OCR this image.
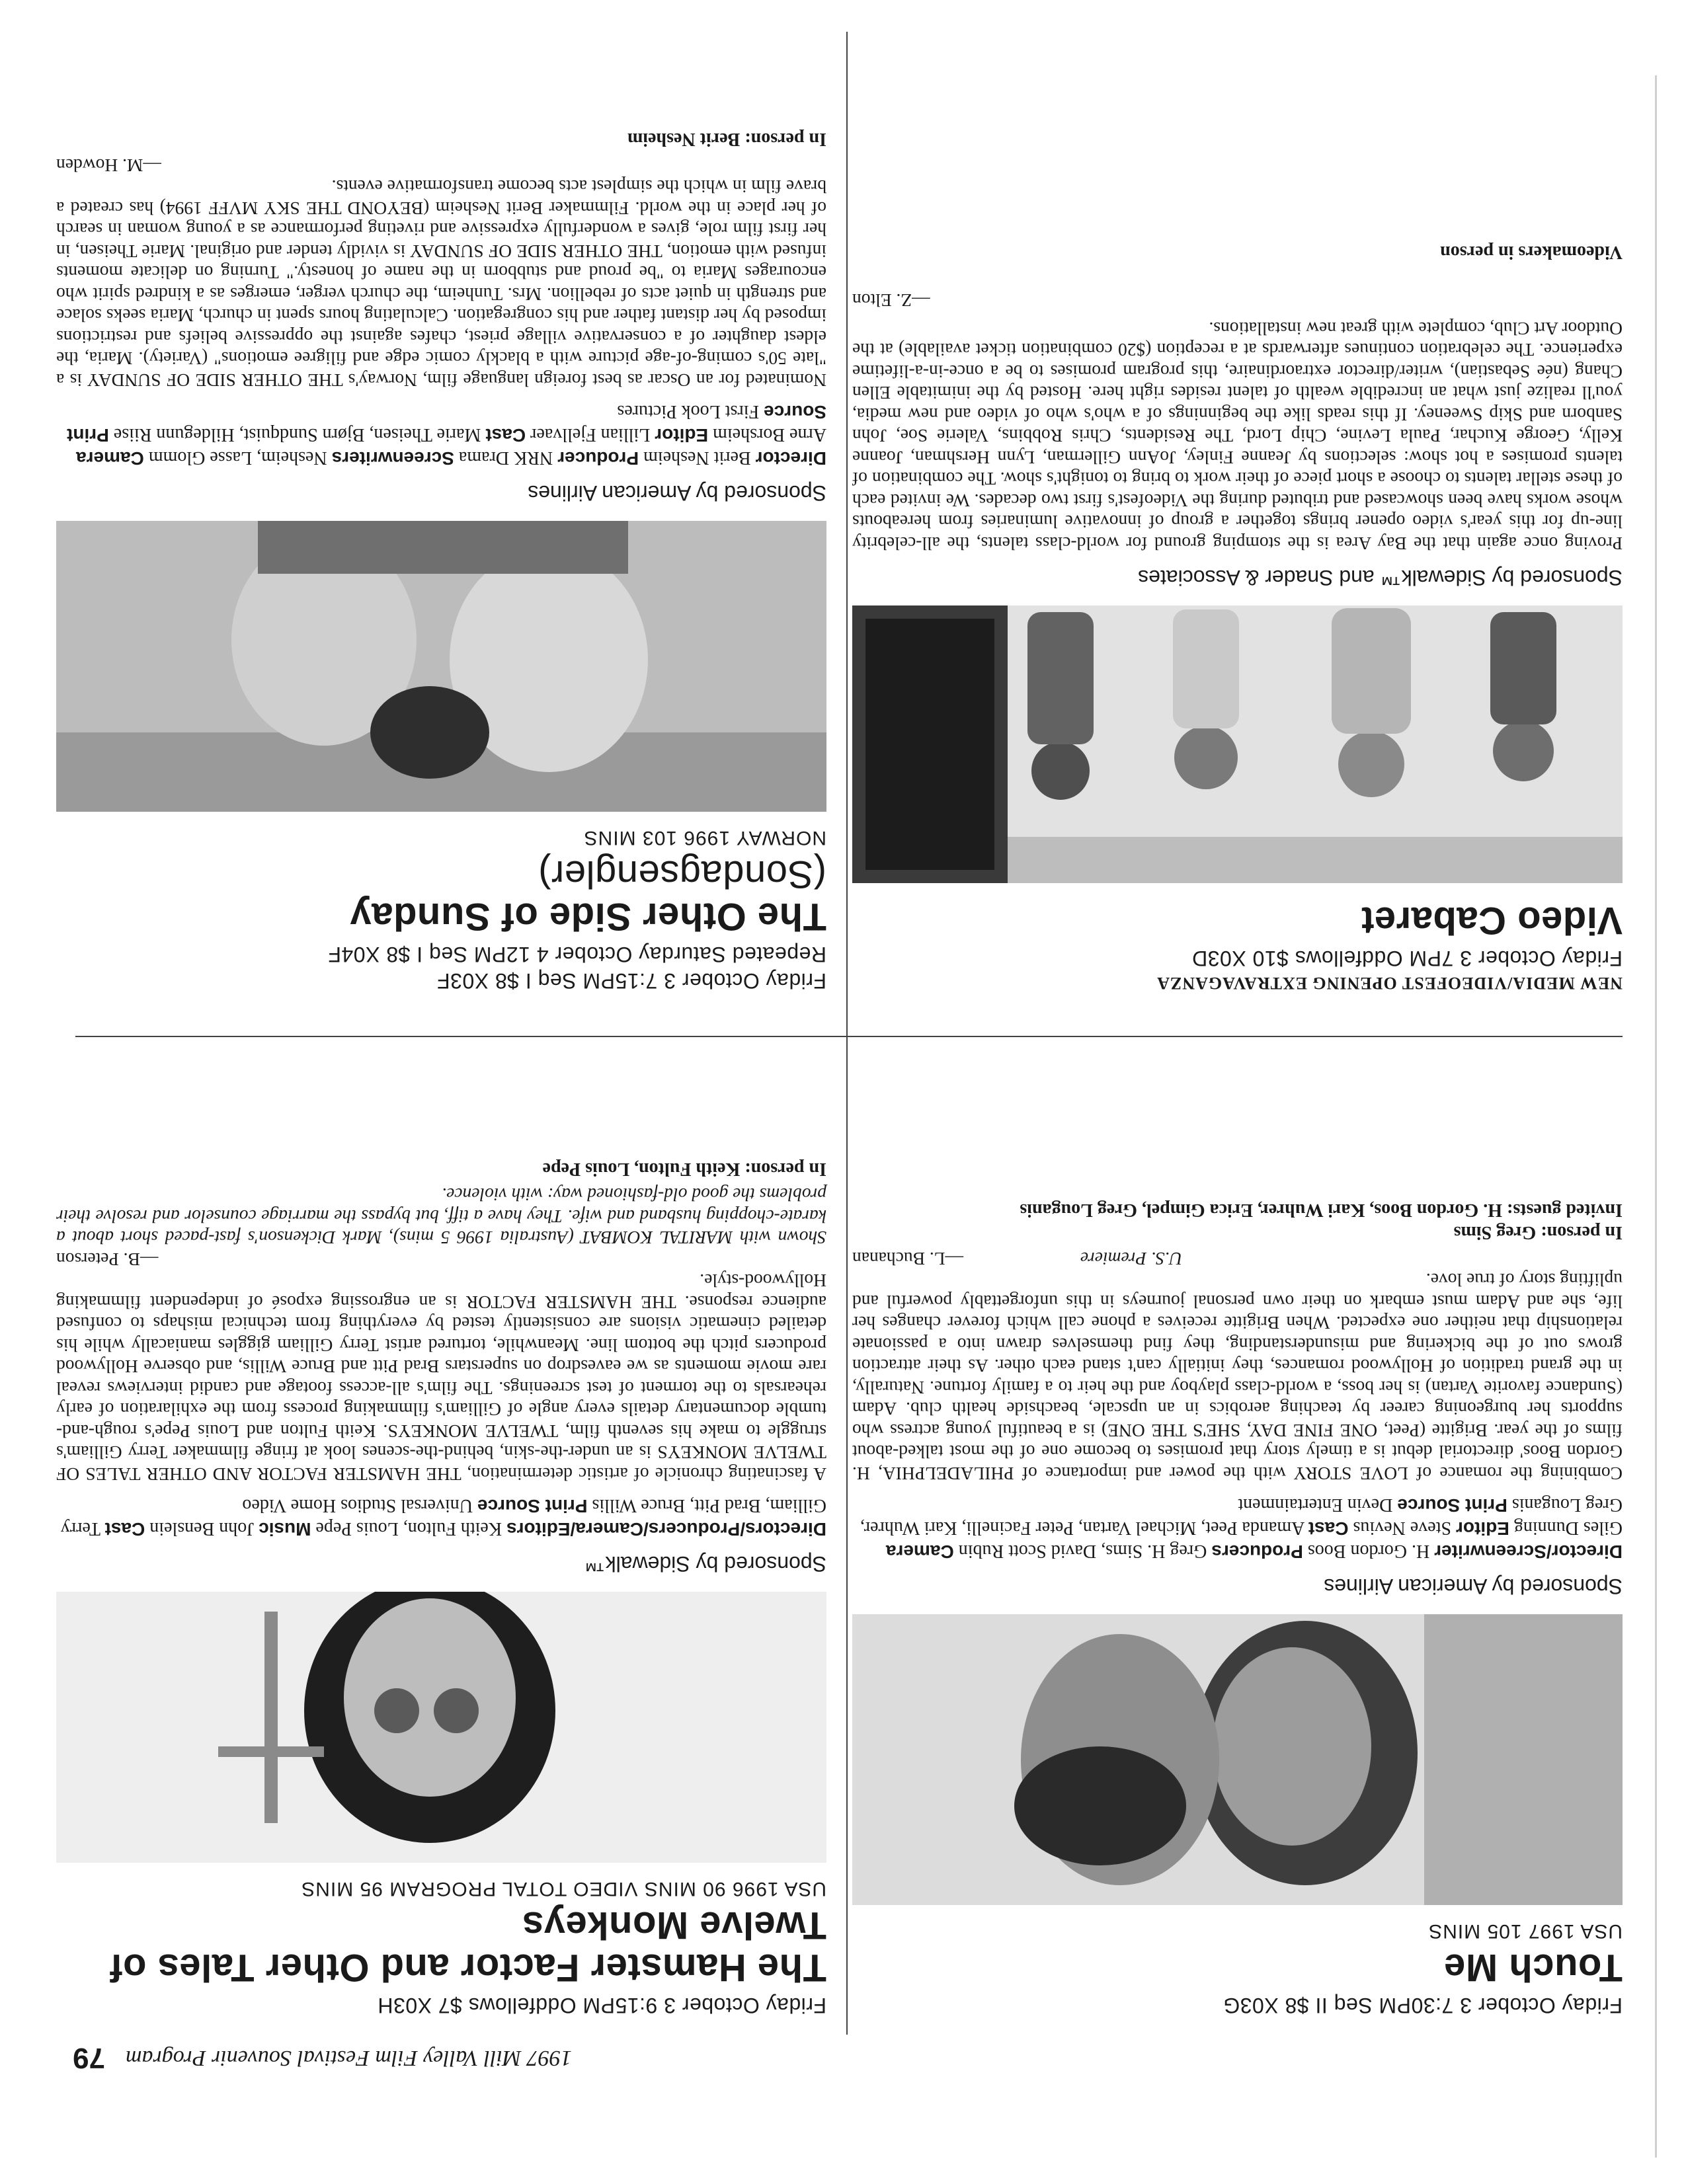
1997 Mill Valley Film Festival Souvenir Program
79
NEW MEDIA/VIDEOFEST OPENING EXTRAVAGANZA
Friday October 3 7PM Oddfellows $10 X03D
Video Cabaret
Sponsored by Sidewalk™ and Snader & Associates
Proving once again that the Bay Area is the stomping ground for world-class talents, the all-celebrity line-up for this year's video opener brings together a group of innovative luminaries from hereabouts whose works have been showcased and tributed during the Videofest's first two decades. We invited each of these stellar talents to choose a short piece of their work to bring to tonight's show. The combination of talents promises a hot show: selections by Jeanne Finley, JoAnn Gillerman, Lynn Hershman, Joanne Kelly, George Kuchar, Paula Levine, Chip Lord, The Residents, Chris Robbins, Valerie Soe, John Sanborn and Skip Sweeney. If this reads like the beginnings of a who's who of video and new media, you'll realize just what an incredible wealth of talent resides right here. Hosted by the inimitable Ellen Chang (née Sebastian), writer/director extraordinaire, this program promises to be a once-in-a-lifetime experience. The celebration continues afterwards at a reception ($20 combination ticket available) at the Outdoor Art Club, complete with great new installations.
—Z. Elton
Videomakers in person
Friday October 3 7:15PM Seq I $8 X03F
Repeated Saturday October 4 12PM Seq I $8 X04F
The Other Side of Sunday (Sondagsengler)
NORWAY 1996 103 MINS
Sponsored by American Airlines
Director Berit Nesheim Producer NRK Drama Screenwriters Nesheim, Lasse Glomm Camera Arne Borsheim Editor Lillian Fjellvaer Cast Marie Theisen, Bjørn Sundquist, Hildegunn Riise Print Source First Look Pictures
Nominated for an Oscar as best foreign language film, Norway's THE OTHER SIDE OF SUNDAY is a "late 50's coming-of-age picture with a blackly comic edge and filigree emotions" (Variety). Maria, the eldest daughter of a conservative village priest, chafes against the oppressive beliefs and restrictions imposed by her distant father and his congregation. Calculating hours spent in church, Maria seeks solace and strength in quiet acts of rebellion. Mrs. Tunheim, the church verger, emerges as a kindred spirit who encourages Maria to "be proud and stubborn in the name of honesty." Turning on delicate moments infused with emotion, THE OTHER SIDE OF SUNDAY is vividly tender and original. Marie Theisen, in her first film role, gives a wonderfully expressive and riveting performance as a young woman in search of her place in the world. Filmmaker Berit Nesheim (BEYOND THE SKY MVFF 1994) has created a brave film in which the simplest acts become transformative events.
—M. Howden
In person: Berit Nesheim
Friday October 3 7:30PM Seq II $8 X03G
Touch Me
USA 1997 105 MINS
Sponsored by American Airlines
Director/Screenwriter H. Gordon Boos Producers Greg H. Sims, David Scott Rubin Camera Giles Dunning Editor Steve Nevius Cast Amanda Peet, Michael Vartan, Peter Facinelli, Kari Wuhrer, Greg Louganis Print Source Devin Entertainment
Combining the romance of LOVE STORY with the power and importance of PHILADELPHIA, H. Gordon Boos' directorial debut is a timely story that promises to become one of the most talked-about films of the year. Brigitte (Peet, ONE FINE DAY, SHE'S THE ONE) is a beautiful young actress who supports her burgeoning career by teaching aerobics in an upscale, beachside health club. Adam (Sundance favorite Vartan) is her boss, a world-class playboy and the heir to a family fortune. Naturally, in the grand tradition of Hollywood romances, they initially can't stand each other. As their attraction grows out of the bickering and misunderstanding, they find themselves drawn into a passionate relationship that neither one expected. When Brigitte receives a phone call which forever changes her life, she and Adam must embark on their own personal journeys in this unforgettably powerful and uplifting story of true love.
U.S. Premiere —L. Buchanan
In person: Greg Sims
Invited guests: H. Gordon Boos, Kari Wuhrer, Erica Gimpel, Greg Louganis
Friday October 3 9:15PM Oddfellows $7 X03H
The Hamster Factor and Other Tales of Twelve Monkeys
USA 1996 90 MINS VIDEO TOTAL PROGRAM 95 MINS
Sponsored by Sidewalk™
Directors/Producers/Camera/Editors Keith Fulton, Louis Pepe Music John Benslein Cast Terry Gilliam, Brad Pitt, Bruce Willis Print Source Universal Studios Home Video
A fascinating chronicle of artistic determination, THE HAMSTER FACTOR AND OTHER TALES OF TWELVE MONKEYS is an under-the-skin, behind-the-scenes look at fringe filmmaker Terry Gilliam's struggle to make his seventh film, TWELVE MONKEYS. Keith Fulton and Louis Pepe's rough-and-tumble documentary details every angle of Gilliam's filmmaking process from the exhilaration of early rehearsals to the torment of test screenings. The film's all-access footage and candid interviews reveal rare movie moments as we eavesdrop on superstars Brad Pitt and Bruce Willis, and observe Hollywood producers pitch the bottom line. Meanwhile, tortured artist Terry Gilliam giggles maniacally while his detailed cinematic visions are consistently tested by everything from technical mishaps to confused audience response. THE HAMSTER FACTOR is an engrossing exposé of independent filmmaking Hollywood-style.
—B. Peterson
Shown with MARITAL KOMBAT (Australia 1996 5 mins), Mark Dickenson's fast-paced short about a karate-chopping husband and wife. They have a tiff, but bypass the marriage counselor and resolve their problems the good old-fashioned way: with violence.
In person: Keith Fulton, Louis Pepe
